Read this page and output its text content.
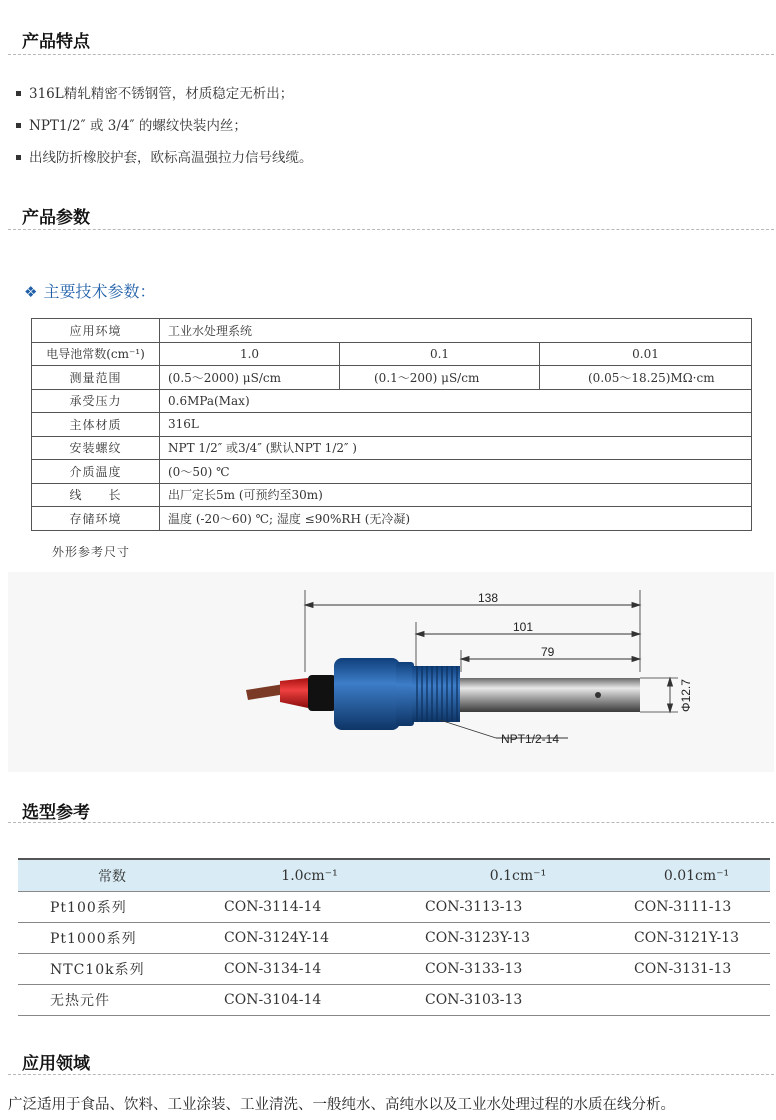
产品特点
316L精轧精密不锈钢管，材质稳定无析出；
NPT1/2″ 或 3/4″ 的螺纹快装内丝；
出线防折橡胶护套，欧标高温强拉力信号线缆。
产品参数
❖ 主要技术参数：
应用环境	工业水处理系统		
电导池常数(cm⁻¹)	1.0	0.1	0.01
测量范围	(0.5～2000) μS/cm	(0.1～200) μS/cm	(0.05～18.25)MΩ·cm
承受压力	0.6MPa(Max)		
主体材质	316L		
安装螺纹	NPT 1/2″ 或3/4″ (默认NPT 1/2″ )		
介质温度	(0～50) ℃		
线　　长	出厂定长5m (可预约至30m)		
存储环境	温度 (-20～60) ℃; 湿度 ≤90%RH (无冷凝)		
外形参考尺寸
138
101
79
Φ12.7
NPT1/2-14
选型参考
常数	1.0cm⁻¹	0.1cm⁻¹	0.01cm⁻¹
Pt100系列	CON-3114-14	CON-3113-13	CON-3111-13
Pt1000系列	CON-3124Y-14	CON-3123Y-13	CON-3121Y-13
NTC10k系列	CON-3134-14	CON-3133-13	CON-3131-13
无热元件	CON-3104-14	CON-3103-13	
应用领域
广泛适用于食品、饮料、工业涂装、工业清洗、一般纯水、高纯水以及工业水处理过程的水质在线分析。
